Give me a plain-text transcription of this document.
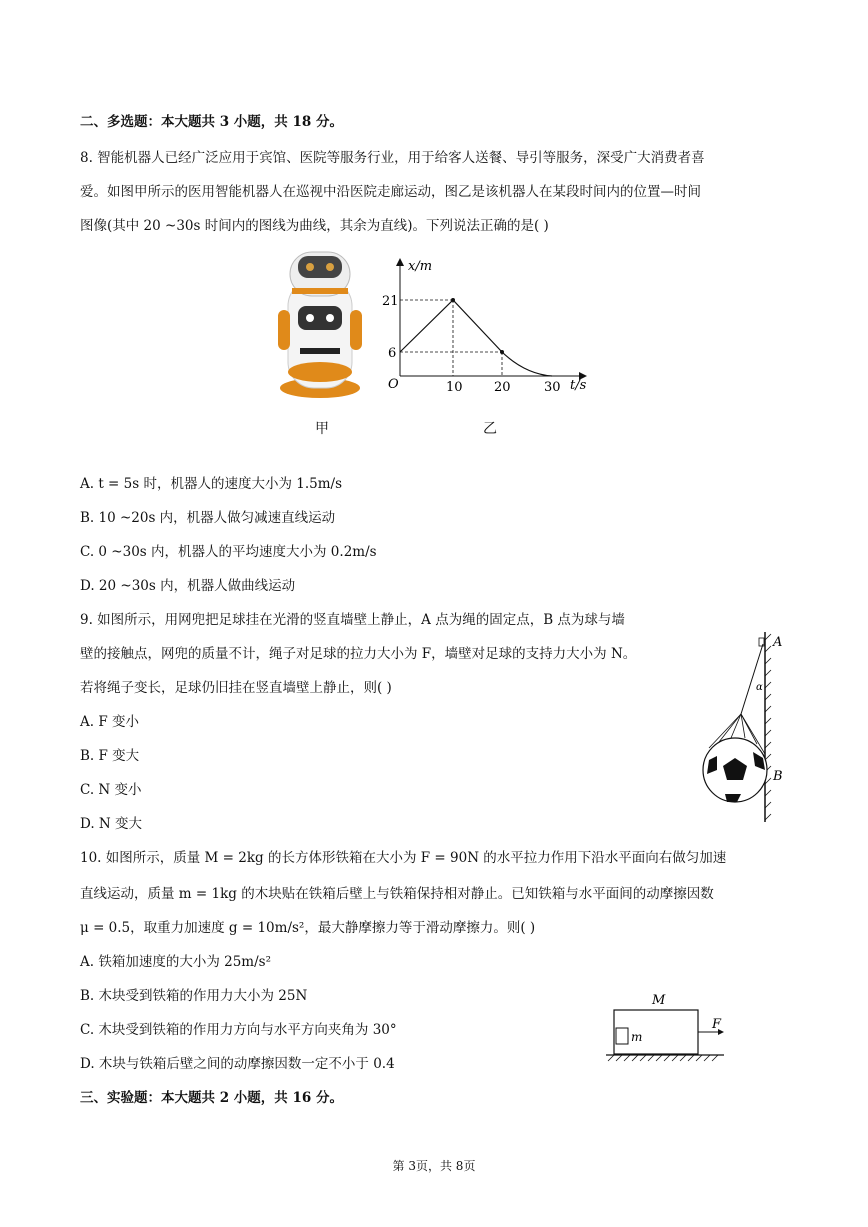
二、多选题：本大题共 3 小题，共 18 分。
8. 智能机器人已经广泛应用于宾馆、医院等服务行业，用于给客人送餐、导引等服务，深受广大消费者喜
爱。如图甲所示的医用智能机器人在巡视中沿医院走廊运动，图乙是该机器人在某段时间内的位置—时间
图像(其中 20 ~30s 时间内的图线为曲线，其余为直线)。下列说法正确的是( )
x/m
t/s
O
21
6
10 20	30
甲	乙
A. t = 5s 时，机器人的速度大小为 1.5m/s
B. 10 ~20s 内，机器人做匀减速直线运动
C. 0 ~30s 内，机器人的平均速度大小为 0.2m/s
D. 20 ~30s 内，机器人做曲线运动
9. 如图所示，用网兜把足球挂在光滑的竖直墙壁上静止，A 点为绳的固定点，B 点为球与墙
壁的接触点，网兜的质量不计，绳子对足球的拉力大小为 F，墙壁对足球的支持力大小为 N。
若将绳子变长，足球仍旧挂在竖直墙壁上静止，则( )
A. F 变小
B. F 变大
C. N 变小
D. N 变大
A
α
B
10. 如图所示，质量 M = 2kg 的长方体形铁箱在大小为 F = 90N 的水平拉力作用下沿水平面向右做匀加速
直线运动，质量 m = 1kg 的木块贴在铁箱后壁上与铁箱保持相对静止。已知铁箱与水平面间的动摩擦因数
μ = 0.5，取重力加速度 g = 10m/s²，最大静摩擦力等于滑动摩擦力。则( )
A. 铁箱加速度的大小为 25m/s²
B. 木块受到铁箱的作用力大小为 25N
C. 木块受到铁箱的作用力方向与水平方向夹角为 30°
D. 木块与铁箱后壁之间的动摩擦因数一定不小于 0.4
M
m
F
三、实验题：本大题共 2 小题，共 16 分。
第 3页，共 8页
